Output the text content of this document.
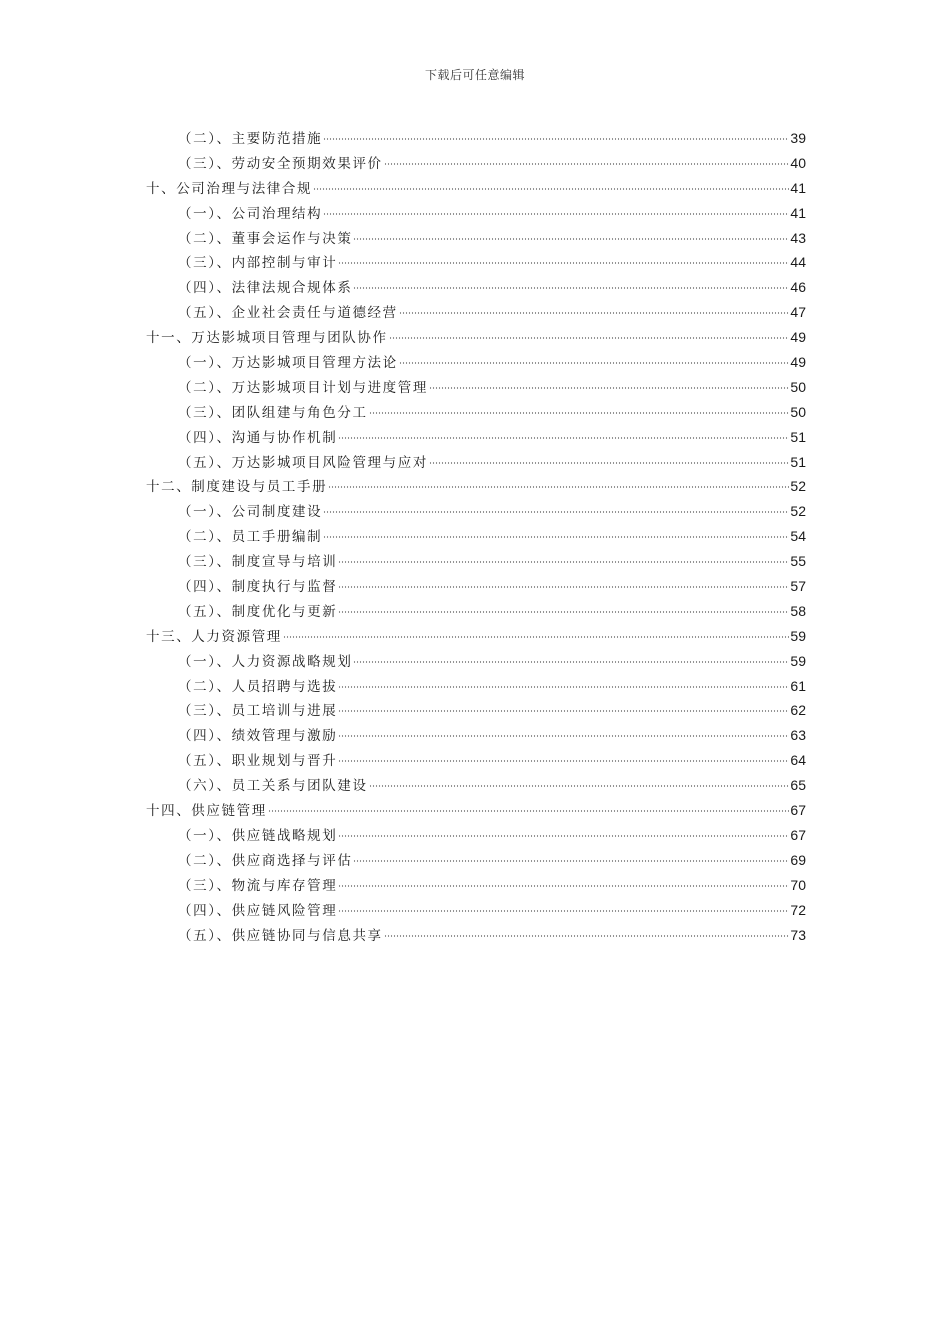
下载后可任意编辑
（二）、主要防范措施	39
（三）、劳动安全预期效果评价	40
十、公司治理与法律合规	41
（一）、公司治理结构	41
（二）、董事会运作与决策	43
（三）、内部控制与审计	44
（四）、法律法规合规体系	46
（五）、企业社会责任与道德经营	47
十一、万达影城项目管理与团队协作	49
（一）、万达影城项目管理方法论	49
（二）、万达影城项目计划与进度管理	50
（三）、团队组建与角色分工	50
（四）、沟通与协作机制	51
（五）、万达影城项目风险管理与应对	51
十二、制度建设与员工手册	52
（一）、公司制度建设	52
（二）、员工手册编制	54
（三）、制度宣导与培训	55
（四）、制度执行与监督	57
（五）、制度优化与更新	58
十三、人力资源管理	59
（一）、人力资源战略规划	59
（二）、人员招聘与选拔	61
（三）、员工培训与进展	62
（四）、绩效管理与激励	63
（五）、职业规划与晋升	64
（六）、员工关系与团队建设	65
十四、供应链管理	67
（一）、供应链战略规划	67
（二）、供应商选择与评估	69
（三）、物流与库存管理	70
（四）、供应链风险管理	72
（五）、供应链协同与信息共享	73
